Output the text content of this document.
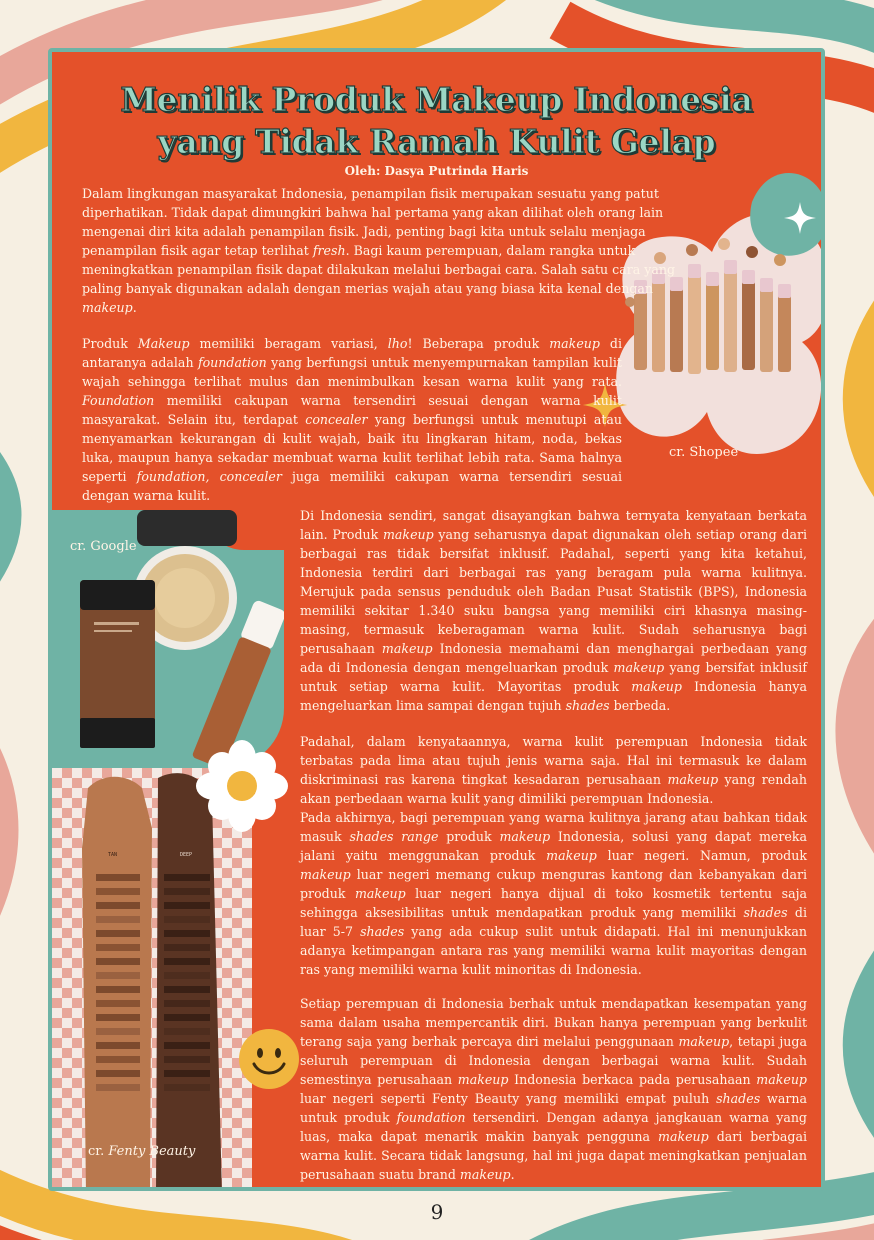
Menilik Produk Makeup Indonesia
yang Tidak Ramah Kulit Gelap
Oleh: Dasya Putrinda Haris
cr. Shopee
cr. Google
TAN	DEEP
cr. Fenty Beauty

Dalam lingkungan masyarakat Indonesia, penampilan fisik merupakan sesuatu yang patut diperhatikan. Tidak dapat dimungkiri bahwa hal pertama yang akan dilihat oleh orang lain mengenai diri kita adalah penampilan fisik. Jadi, penting bagi kita untuk selalu menjaga penampilan fisik agar tetap terlihat fresh. Bagi kaum perempuan, dalam rangka untuk meningkatkan penampilan fisik dapat dilakukan melalui berbagai cara. Salah satu cara yang paling banyak digunakan adalah dengan merias wajah atau yang biasa kita kenal dengan makeup.

Produk Makeup memiliki beragam variasi, lho! Beberapa produk makeup di antaranya adalah foundation yang berfungsi untuk menyempurnakan tampilan kulit wajah sehingga terlihat mulus dan menimbulkan kesan warna kulit yang rata. Foundation memiliki cakupan warna tersendiri sesuai dengan warna kulit masyarakat. Selain itu, terdapat concealer yang berfungsi untuk menutupi atau menyamarkan kekurangan di kulit wajah, baik itu lingkaran hitam, noda, bekas luka, maupun hanya sekadar membuat warna kulit terlihat lebih rata. Sama halnya seperti foundation, concealer juga memiliki cakupan warna tersendiri sesuai dengan warna kulit.

Di Indonesia sendiri, sangat disayangkan bahwa ternyata kenyataan berkata lain. Produk makeup yang seharusnya dapat digunakan oleh setiap orang dari berbagai ras tidak bersifat inklusif. Padahal, seperti yang kita ketahui, Indonesia terdiri dari berbagai ras yang beragam pula warna kulitnya. Merujuk pada sensus penduduk oleh Badan Pusat Statistik (BPS), Indonesia memiliki sekitar 1.340 suku bangsa yang memiliki ciri khasnya masing-masing, termasuk keberagaman warna kulit. Sudah seharusnya bagi perusahaan makeup Indonesia memahami dan menghargai perbedaan yang ada di Indonesia dengan mengeluarkan produk makeup yang bersifat inklusif untuk setiap warna kulit. Mayoritas produk makeup Indonesia hanya mengeluarkan lima sampai dengan tujuh shades berbeda.

Padahal, dalam kenyataannya, warna kulit perempuan Indonesia tidak terbatas pada lima atau tujuh jenis warna saja. Hal ini termasuk ke dalam diskriminasi ras karena tingkat kesadaran perusahaan makeup yang rendah akan perbedaan warna kulit yang dimiliki perempuan Indonesia.
Pada akhirnya, bagi perempuan yang warna kulitnya jarang atau bahkan tidak masuk shades range produk makeup Indonesia, solusi yang dapat mereka jalani yaitu menggunakan produk makeup luar negeri. Namun, produk makeup luar negeri memang cukup menguras kantong dan kebanyakan dari produk makeup luar negeri hanya dijual di toko kosmetik tertentu saja sehingga aksesibilitas untuk mendapatkan produk yang memiliki shades di luar 5-7 shades yang ada cukup sulit untuk didapati. Hal ini menunjukkan adanya ketimpangan antara ras yang memiliki warna kulit mayoritas dengan ras yang memiliki warna kulit minoritas di Indonesia.

Setiap perempuan di Indonesia berhak untuk mendapatkan kesempatan yang sama dalam usaha mempercantik diri. Bukan hanya perempuan yang berkulit terang saja yang berhak percaya diri melalui penggunaan makeup, tetapi juga seluruh perempuan di Indonesia dengan berbagai warna kulit. Sudah semestinya perusahaan makeup Indonesia berkaca pada perusahaan makeup luar negeri seperti Fenty Beauty yang memiliki empat puluh shades warna untuk produk foundation tersendiri. Dengan adanya jangkauan warna yang luas, maka dapat menarik makin banyak pengguna makeup dari berbagai warna kulit. Secara tidak langsung, hal ini juga dapat meningkatkan penjualan perusahaan suatu brand makeup.

9
